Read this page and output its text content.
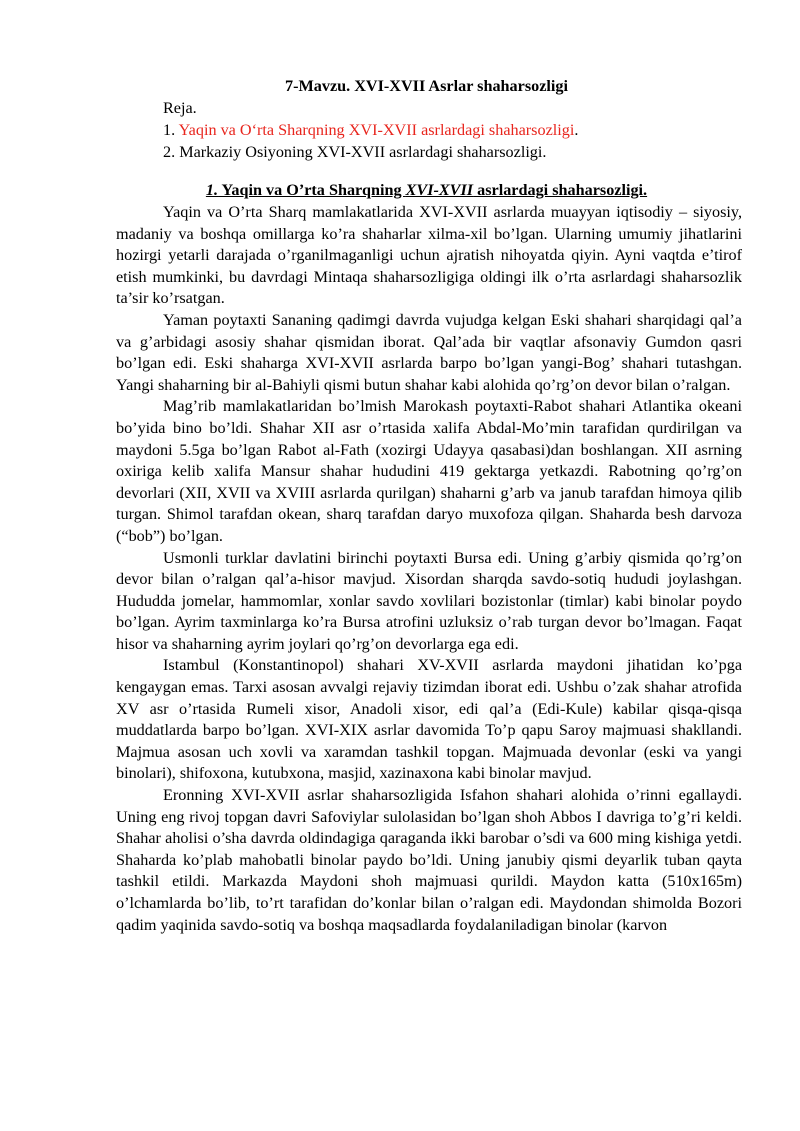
7-Mavzu. XVI-XVII Asrlar shaharsozligi
Reja.
1. Yaqin va O‘rta Sharqning XVI-XVII asrlardagi shaharsozligi.
2. Markaziy Osiyoning XVI-XVII asrlardagi shaharsozligi.
1. Yaqin va O’rta Sharqning XVI-XVII asrlardagi shaharsozligi.

Yaqin va O’rta Sharq mamlakatlarida XVI-XVII asrlarda muayyan iqtisodiy – siyosiy, madaniy va boshqa omillarga ko’ra shaharlar xilma-xil bo’lgan. Ularning umumiy jihatlarini hozirgi yetarli darajada o’rganilmaganligi uchun ajratish nihoyatda qiyin. Ayni vaqtda e’tirof etish mumkinki, bu davrdagi Mintaqa shaharsozligiga oldingi ilk o’rta asrlardagi shaharsozlik ta’sir ko’rsatgan.

Yaman poytaxti Sananing qadimgi davrda vujudga kelgan Eski shahari sharqidagi qal’a va g’arbidagi asosiy shahar qismidan iborat. Qal’ada bir vaqtlar afsonaviy Gumdon qasri bo’lgan edi. Eski shaharga XVI-XVII asrlarda barpo bo’lgan yangi-Bog’ shahari tutashgan. Yangi shaharning bir al-Bahiyli qismi butun shahar kabi alohida qo’rg’on devor bilan o’ralgan.

Mag’rib mamlakatlaridan bo’lmish Marokash poytaxti-Rabot shahari Atlantika okeani bo’yida bino bo’ldi. Shahar XII asr o’rtasida xalifa Abdal-Mo’min tarafidan qurdirilgan va maydoni 5.5ga bo’lgan Rabot al-Fath (xozirgi Udayya qasabasi)dan boshlangan. XII asrning oxiriga kelib xalifa Mansur shahar hududini 419 gektarga yetkazdi. Rabotning qo’rg’on devorlari (XII, XVII va XVIII asrlarda qurilgan) shaharni g’arb va janub tarafdan himoya qilib turgan. Shimol tarafdan okean, sharq tarafdan daryo muxofoza qilgan. Shaharda besh darvoza (“bob”) bo’lgan.

Usmonli turklar davlatini birinchi poytaxti Bursa edi. Uning g’arbiy qismida qo’rg’on devor bilan o’ralgan qal’a-hisor mavjud. Xisordan sharqda savdo-sotiq hududi joylashgan. Hududda jomelar, hammomlar, xonlar savdo xovlilari bozistonlar (timlar) kabi binolar poydo bo’lgan. Ayrim taxminlarga ko’ra Bursa atrofini uzluksiz o’rab turgan devor bo’lmagan. Faqat hisor va shaharning ayrim joylari qo’rg’on devorlarga ega edi.

Istambul (Konstantinopol) shahari XV-XVII asrlarda maydoni jihatidan ko’pga kengaygan emas. Tarxi asosan avvalgi rejaviy tizimdan iborat edi. Ushbu o’zak shahar atrofida XV asr o’rtasida Rumeli xisor, Anadoli xisor, edi qal’a (Edi-Kule) kabilar qisqa-qisqa muddatlarda barpo bo’lgan. XVI-XIX asrlar davomida To’p qapu Saroy majmuasi shakllandi. Majmua asosan uch xovli va xaramdan tashkil topgan. Majmuada devonlar (eski va yangi binolari), shifoxona, kutubxona, masjid, xazinaxona kabi binolar mavjud.

Eronning XVI-XVII asrlar shaharsozligida Isfahon shahari alohida o’rinni egallaydi. Uning eng rivoj topgan davri Safoviylar sulolasidan bo’lgan shoh Abbos I davriga to’g’ri keldi. Shahar aholisi o’sha davrda oldindagiga qaraganda ikki barobar o’sdi va 600 ming kishiga yetdi. Shaharda ko’plab mahobatli binolar paydo bo’ldi. Uning janubiy qismi deyarlik tuban qayta tashkil etildi. Markazda Maydoni shoh majmuasi qurildi. Maydon katta (510x165m) o’lchamlarda bo’lib, to’rt tarafidan do’konlar bilan o’ralgan edi. Maydondan shimolda Bozori qadim yaqinida savdo-sotiq va boshqa maqsadlarda foydalaniladigan binolar (karvon
